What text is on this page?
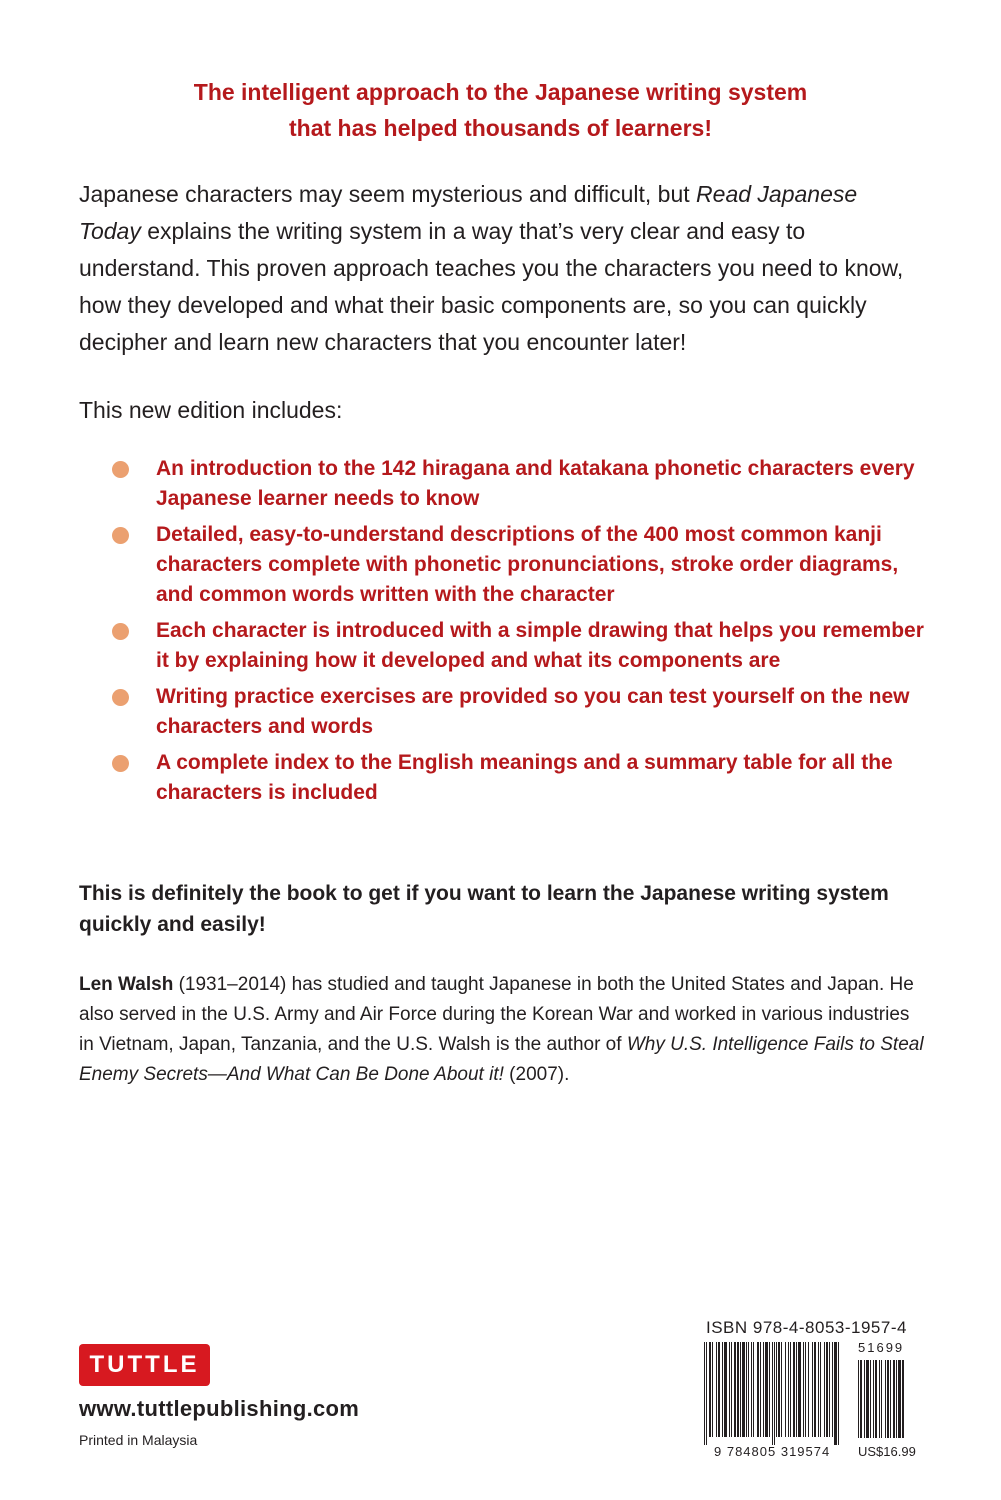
The intelligent approach to the Japanese writing system
that has helped thousands of learners!
Japanese characters may seem mysterious and difficult, but Read Japanese Today explains the writing system in a way that’s very clear and easy to understand. This proven approach teaches you the characters you need to know, how they developed and what their basic components are, so you can quickly decipher and learn new characters that you encounter later!
This new edition includes:
An introduction to the 142 hiragana and katakana phonetic characters every Japanese learner needs to know
Detailed, easy-to-understand descriptions of the 400 most common kanji characters complete with phonetic pronunciations, stroke order diagrams, and common words written with the character
Each character is introduced with a simple drawing that helps you remember it by explaining how it developed and what its components are
Writing practice exercises are provided so you can test yourself on the new characters and words
A complete index to the English meanings and a summary table for all the characters is included
This is definitely the book to get if you want to learn the Japanese writing system quickly and easily!
Len Walsh (1931–2014) has studied and taught Japanese in both the United States and Japan. He also served in the U.S. Army and Air Force during the Korean War and worked in various industries in Vietnam, Japan, Tanzania, and the U.S. Walsh is the author of Why U.S. Intelligence Fails to Steal Enemy Secrets—And What Can Be Done About it! (2007).
TUTTLE
www.tuttlepublishing.com
Printed in Malaysia
ISBN 978-4-8053-1957-4
51699
9 784805 319574 US$16.99
